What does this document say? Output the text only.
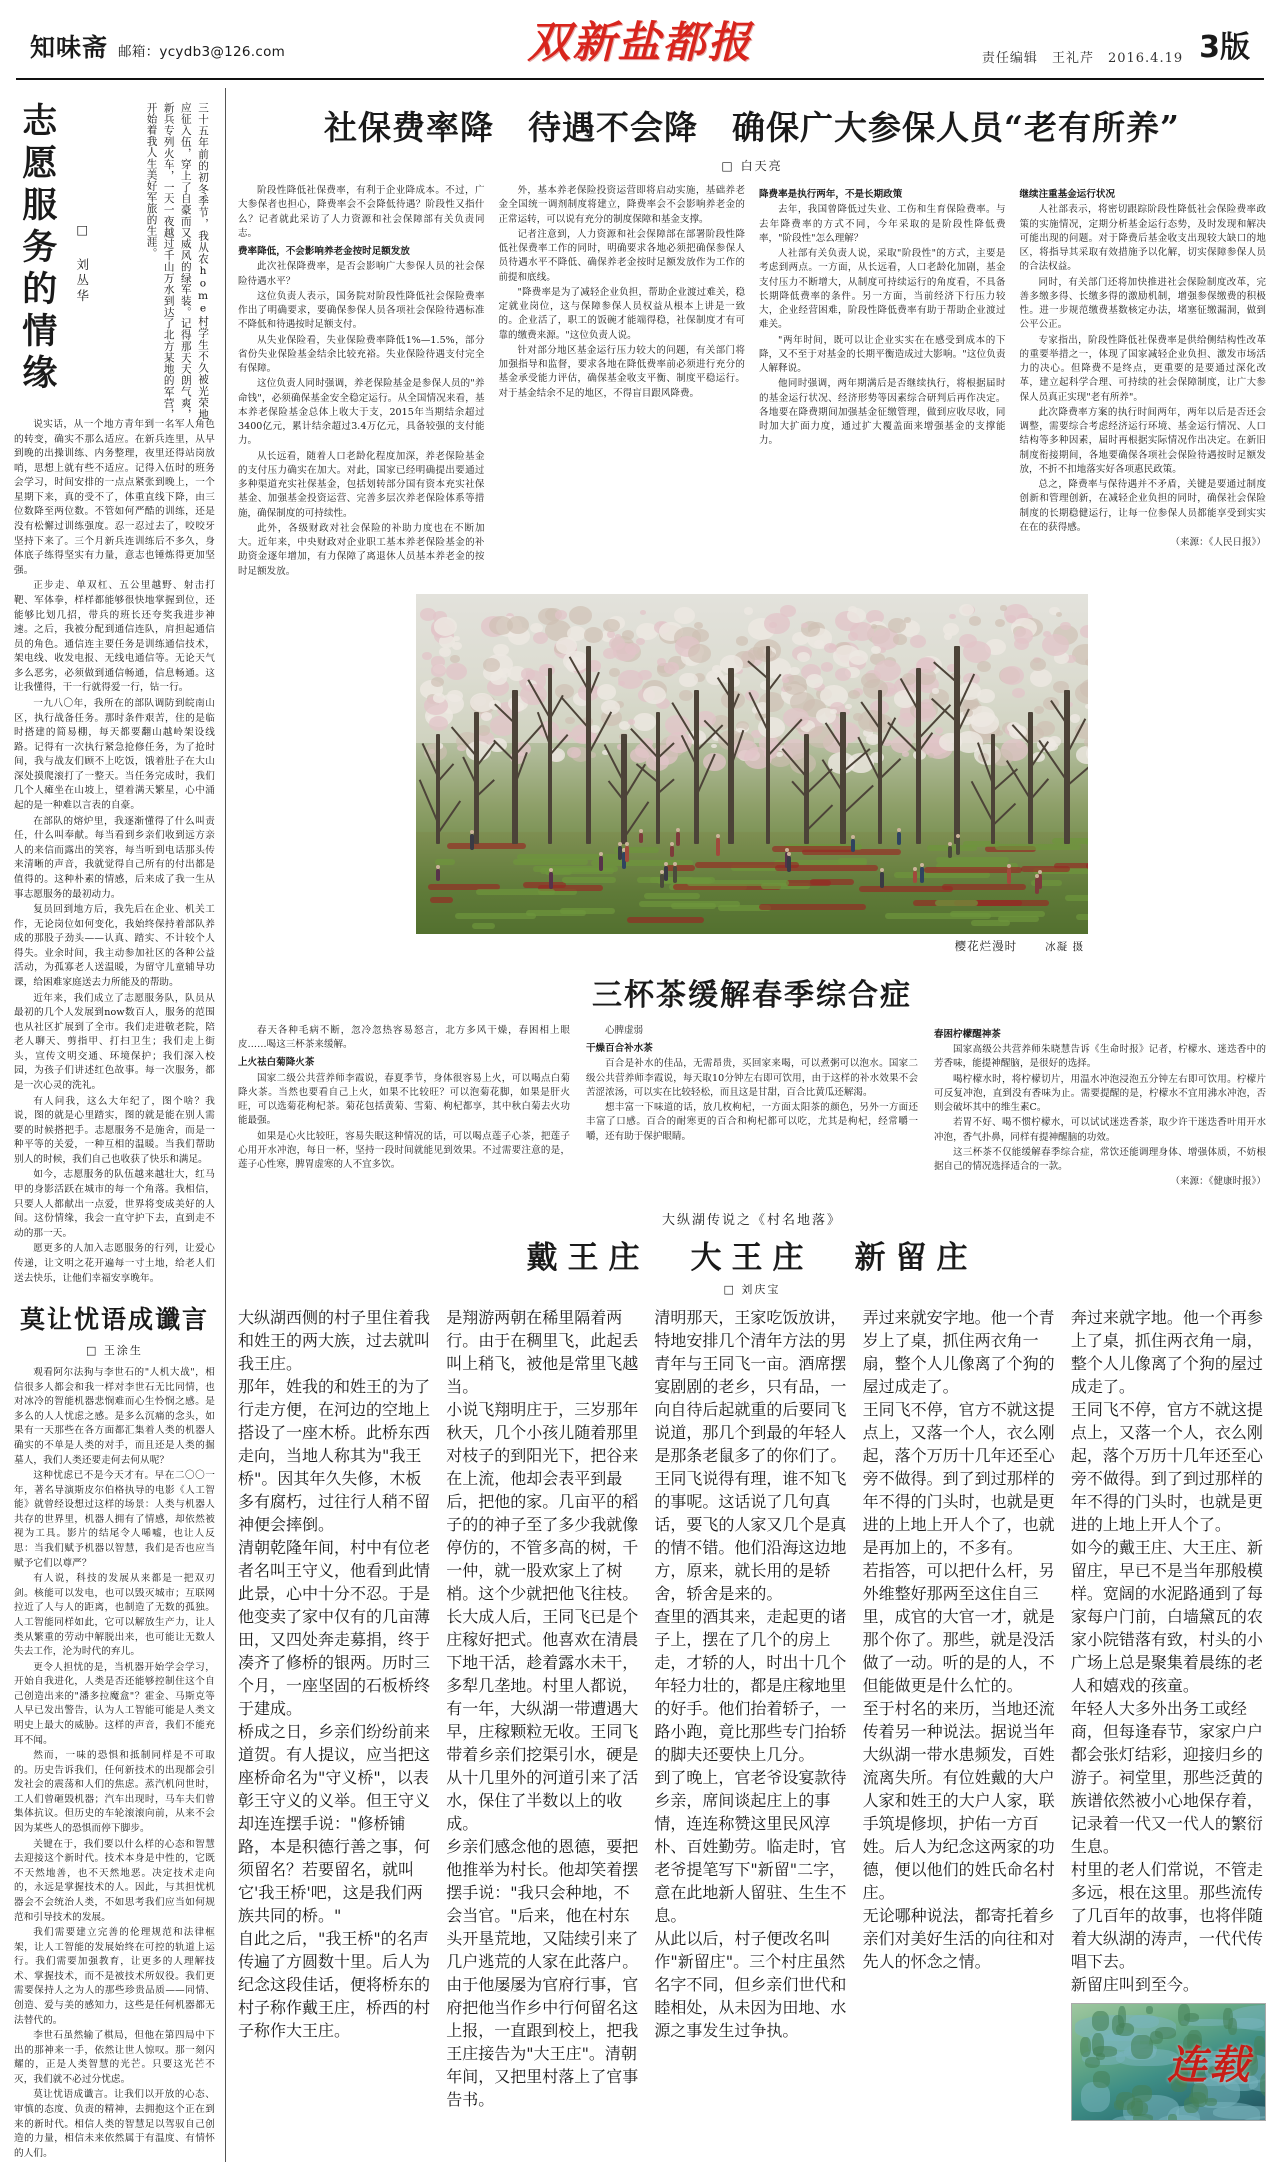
知味斋 邮箱：ycydb3@126.com	双新盐都报	责任编辑 王礼芹 2016.4.19 3版
三十五年前的初冬季节，我从农home村学生不久被光荣地应征入伍，穿上了自豪而又威风的绿军装。记得那天天朗气爽，新兵专列火车，一天一夜越过千山万水到达了北方某地的军营，开始着我人生美好军旅的生涯。
□ 刘丛华
志愿服务的情缘

说实话，从一个地方青年到一名军人角色的转变，确实不那么适应。在新兵连里，从早到晚的出操训练、内务整理，夜里还得站岗放哨，思想上就有些不适应。记得入伍时的班务会学习，时间安排的一点点紧张到晚上，一个星期下来，真的受不了，体重直线下降，由三位数降至两位数。不管如何严酷的训练，还是没有松懈过训练强度。忍一忍过去了，咬咬牙坚持下来了。三个月新兵连训练后不多久，身体底子练得坚实有力量，意志也锤炼得更加坚强。

正步走、单双杠、五公里越野、射击打靶、军体拳，样样都能够很快地掌握到位，还能够比划几招，带兵的班长还夸奖我进步神速。之后，我被分配到通信连队，肩担起通信员的角色。通信连主要任务是训练通信技术，架电线、收发电报、无线电通信等。无论天气多么恶劣，必须做到通信畅通，信息畅通。这让我懂得，干一行就得爱一行，钻一行。

一九八〇年，我所在的部队调防到皖南山区，执行战备任务。那时条件艰苦，住的是临时搭建的简易棚，每天都要翻山越岭架设线路。记得有一次执行紧急抢修任务，为了抢时间，我与战友们顾不上吃饭，饿着肚子在大山深处摸爬滚打了一整天。当任务完成时，我们几个人瘫坐在山坡上，望着满天繁星，心中涌起的是一种难以言表的自豪。

在部队的熔炉里，我逐渐懂得了什么叫责任，什么叫奉献。每当看到乡亲们收到远方亲人的来信而露出的笑容，每当听到电话那头传来清晰的声音，我就觉得自己所有的付出都是值得的。这种朴素的情感，后来成了我一生从事志愿服务的最初动力。

复员回到地方后，我先后在企业、机关工作，无论岗位如何变化，我始终保持着部队养成的那股子劲头——认真、踏实、不计较个人得失。业余时间，我主动参加社区的各种公益活动，为孤寡老人送温暖，为留守儿童辅导功课，给困难家庭送去力所能及的帮助。

近年来，我们成立了志愿服务队，队员从最初的几个人发展到now数百人，服务的范围也从社区扩展到了全市。我们走进敬老院，陪老人聊天、剪指甲、打扫卫生；我们走上街头，宣传文明交通、环境保护；我们深入校园，为孩子们讲述红色故事。每一次服务，都是一次心灵的洗礼。

有人问我，这么大年纪了，图个啥？我说，图的就是心里踏实，图的就是能在别人需要的时候搭把手。志愿服务不是施舍，而是一种平等的关爱，一种互相的温暖。当我们帮助别人的时候，我们自己也收获了快乐和满足。

如今，志愿服务的队伍越来越壮大，红马甲的身影活跃在城市的每一个角落。我相信，只要人人都献出一点爱，世界将变成美好的人间。这份情缘，我会一直守护下去，直到走不动的那一天。

愿更多的人加入志愿服务的行列，让爱心传递，让文明之花开遍每一寸土地，给老人们送去快乐，让他们幸福安享晚年。

莫让忧语成谶言
□ 王涂生

观看阿尔法狗与李世石的"人机大战"，相信很多人都会和我一样对李世石无比同情，也对冰冷的智能机器悲悯难而心生怜悯之感。是多么的人人忧虑之感。是多么沉痛的念头，如果有一天那些在各方面都汇集着人类的机器人确实的不单是人类的对手，而且还是人类的掘墓人，我们人类还要走何去何从呢？

这种忧虑已不是今天才有。早在二〇〇一年，著名导演斯皮尔伯格执导的电影《人工智能》就曾经设想过这样的场景：人类与机器人共存的世界里，机器人拥有了情感，却依然被视为工具。影片的结尾令人唏嘘，也让人反思：当我们赋予机器以智慧，我们是否也应当赋予它们以尊严？

有人说，科技的发展从来都是一把双刃剑。核能可以发电，也可以毁灭城市；互联网拉近了人与人的距离，也制造了无数的孤独。人工智能同样如此，它可以解放生产力，让人类从繁重的劳动中解脱出来，也可能让无数人失去工作，沦为时代的弃儿。

更令人担忧的是，当机器开始学会学习，开始自我进化，人类是否还能够控制住这个自己创造出来的"潘多拉魔盒"？霍金、马斯克等人早已发出警告，认为人工智能可能是人类文明史上最大的威胁。这样的声音，我们不能充耳不闻。

然而，一味的恐惧和抵制同样是不可取的。历史告诉我们，任何新技术的出现都会引发社会的震荡和人们的焦虑。蒸汽机问世时，工人们曾砸毁机器；汽车出现时，马车夫们曾集体抗议。但历史的车轮滚滚向前，从来不会因为某些人的恐惧而停下脚步。

关键在于，我们要以什么样的心态和智慧去迎接这个新时代。技术本身是中性的，它既不天然地善，也不天然地恶。决定技术走向的，永远是掌握技术的人。因此，与其担忧机器会不会统治人类，不如思考我们应当如何规范和引导技术的发展。

我们需要建立完善的伦理规范和法律框架，让人工智能的发展始终在可控的轨道上运行。我们需要加强教育，让更多的人理解技术、掌握技术，而不是被技术所奴役。我们更需要保持人之为人的那些珍贵品质——同情、创造、爱与美的感知力，这些是任何机器都无法替代的。

李世石虽然输了棋局，但他在第四局中下出的那神来一手，依然让世人惊叹。那一刻闪耀的，正是人类智慧的光芒。只要这光芒不灭，我们就不必过分忧虑。

莫让忧语成谶言。让我们以开放的心态、审慎的态度、负责的精神，去拥抱这个正在到来的新时代。相信人类的智慧足以驾驭自己创造的力量，相信未来依然属于有温度、有情怀的人们。

社保费率降　待遇不会降　确保广大参保人员“老有所养”
□ 白天亮

阶段性降低社保费率，有利于企业降成本。不过，广大参保者也担心，降费率会不会降低待遇？阶段性又指什么？记者就此采访了人力资源和社会保障部有关负责同志。

费率降低，不会影响养老金按时足额发放

此次社保降费率，是否会影响广大参保人员的社会保险待遇水平？

这位负责人表示，国务院对阶段性降低社会保险费率作出了明确要求，要确保参保人员各项社会保险待遇标准不降低和待遇按时足额支付。

从失业保险看，失业保险费率降低1%—1.5%，部分省份失业保险基金结余比较充裕。失业保险待遇支付完全有保障。

这位负责人同时强调，养老保险基金是参保人员的"养命钱"，必须确保基金安全稳定运行。从全国情况来看，基本养老保险基金总体上收大于支，2015年当期结余超过3400亿元，累计结余超过3.4万亿元，具备较强的支付能力。

从长远看，随着人口老龄化程度加深，养老保险基金的支付压力确实在加大。对此，国家已经明确提出要通过多种渠道充实社保基金，包括划转部分国有资本充实社保基金、加强基金投资运营、完善多层次养老保险体系等措施，确保制度的可持续性。

此外，各级财政对社会保险的补助力度也在不断加大。近年来，中央财政对企业职工基本养老保险基金的补助资金逐年增加，有力保障了离退休人员基本养老金的按时足额发放。

外，基本养老保险投资运营即将启动实施，基础养老金全国统一调剂制度将建立，降费率会不会影响养老金的正常运转，可以说有充分的制度保障和基金支撑。

记者注意到，人力资源和社会保障部在部署阶段性降低社保费率工作的同时，明确要求各地必须把确保参保人员待遇水平不降低、确保养老金按时足额发放作为工作的前提和底线。

"降费率是为了减轻企业负担，帮助企业渡过难关，稳定就业岗位，这与保障参保人员权益从根本上讲是一致的。企业活了，职工的饭碗才能端得稳，社保制度才有可靠的缴费来源。"这位负责人说。

针对部分地区基金运行压力较大的问题，有关部门将加强指导和监督，要求各地在降低费率前必须进行充分的基金承受能力评估，确保基金收支平衡、制度平稳运行。对于基金结余不足的地区，不得盲目跟风降费。

降费率是执行两年，不是长期政策

去年，我国曾降低过失业、工伤和生育保险费率。与去年降费率的方式不同，今年采取的是阶段性降低费率，"阶段性"怎么理解？

人社部有关负责人说，采取"阶段性"的方式，主要是考虑到两点。一方面，从长远看，人口老龄化加剧，基金支付压力不断增大，从制度可持续运行的角度看，不具备长期降低费率的条件。另一方面，当前经济下行压力较大，企业经营困难，阶段性降低费率有助于帮助企业渡过难关。

"两年时间，既可以让企业实实在在感受到成本的下降，又不至于对基金的长期平衡造成过大影响。"这位负责人解释说。

他同时强调，两年期满后是否继续执行，将根据届时的基金运行状况、经济形势等因素综合研判后再作决定。各地要在降费期间加强基金征缴管理，做到应收尽收，同时加大扩面力度，通过扩大覆盖面来增强基金的支撑能力。

继续注重基金运行状况

人社部表示，将密切跟踪阶段性降低社会保险费率政策的实施情况，定期分析基金运行态势，及时发现和解决可能出现的问题。对于降费后基金收支出现较大缺口的地区，将指导其采取有效措施予以化解，切实保障参保人员的合法权益。

同时，有关部门还将加快推进社会保险制度改革，完善多缴多得、长缴多得的激励机制，增强参保缴费的积极性。进一步规范缴费基数核定办法，堵塞征缴漏洞，做到公平公正。

专家指出，阶段性降低社保费率是供给侧结构性改革的重要举措之一，体现了国家减轻企业负担、激发市场活力的决心。但降费不是终点，更重要的是要通过深化改革，建立起科学合理、可持续的社会保障制度，让广大参保人员真正实现"老有所养"。

此次降费率方案的执行时间两年，两年以后是否还会调整，需要综合考虑经济运行环境、基金运行情况、人口结构等多种因素，届时再根据实际情况作出决定。在新旧制度衔接期间，各地要确保各项社会保险待遇按时足额发放，不折不扣地落实好各项惠民政策。

总之，降费率与保待遇并不矛盾，关键是要通过制度创新和管理创新，在减轻企业负担的同时，确保社会保险制度的长期稳健运行，让每一位参保人员都能享受到实实在在的获得感。

（来源：《人民日报》）

樱花烂漫时	冰凝 摄
三杯茶缓解春季综合症

春天各种毛病不断，忽冷忽热容易怒言，北方多风干燥，春困相上眼皮……喝这三杯茶来缓解。

上火祛白菊降火茶

国家二级公共营养师李霞说，春夏季节，身体很容易上火，可以喝点白菊降火茶。当然也要看自己上火，如果不比较旺？可以泡菊花脚，如果是肝火旺，可以选菊花枸杞茶。菊花包括黄菊、雪菊、枸杞都享，其中秋白菊去火功能最强。

如果是心火比较旺，容易失眠这种情况的话，可以喝点莲子心茶，把莲子心用开水冲泡，每日一杯，坚持一段时间就能见到效果。不过需要注意的是，莲子心性寒，脾胃虚寒的人不宜多饮。

心脾虚弱

干燥百合补水茶

百合是补水的佳品，无需昂贵，买回家来喝，可以煮粥可以泡水。国家二级公共营养师李霞说，每天取10分钟左右即可饮用，由于这样的补水效果不会苦涩浓汤，可以实在比较轻松，而且这是甘甜，百合比黄瓜还解渴。

想丰富一下味道的话，放几枚枸杞，一方面太阳茶的颜色，另外一方面还丰富了口感。百合的耐寒更的百合和枸杞都可以吃，尤其是枸杞，经常嚼一嚼，还有助于保护眼睛。

春困柠檬醒神茶

国家高级公共营养师朱晓慧告诉《生命时报》记者，柠檬水、迷迭香中的芳香味，能提神醒脑，是很好的选择。

喝柠檬水时，将柠檬切片，用温水冲泡浸泡五分钟左右即可饮用。柠檬片可反复冲泡，直到没有香味为止。需要提醒的是，柠檬水不宜用沸水冲泡，否则会破坏其中的维生素C。

若胃不好、喝不惯柠檬水，可以试试迷迭香茶，取少许干迷迭香叶用开水冲泡，香气扑鼻，同样有提神醒脑的功效。

这三杯茶不仅能缓解春季综合症，常饮还能调理身体、增强体质，不妨根据自己的情况选择适合的一款。

（来源：《健康时报》）

大纵湖传说之《村名地落》
戴王庄　大王庄　新留庄
□ 刘庆宝

大纵湖西侧的村子里住着我和姓王的两大族，过去就叫我王庄。

那年，姓我的和姓王的为了行走方便，在河边的空地上搭设了一座木桥。此桥东西走向，当地人称其为"我王桥"。因其年久失修，木板多有腐朽，过往行人稍不留神便会摔倒。

清朝乾隆年间，村中有位老者名叫王守义，他看到此情此景，心中十分不忍。于是他变卖了家中仅有的几亩薄田，又四处奔走募捐，终于凑齐了修桥的银两。历时三个月，一座坚固的石板桥终于建成。

桥成之日，乡亲们纷纷前来道贺。有人提议，应当把这座桥命名为"守义桥"，以表彰王守义的义举。但王守义却连连摆手说："修桥铺路，本是积德行善之事，何须留名？若要留名，就叫它'我王桥'吧，这是我们两族共同的桥。"

自此之后，"我王桥"的名声传遍了方圆数十里。后人为纪念这段佳话，便将桥东的村子称作戴王庄，桥西的村子称作大王庄。

是翔游两朝在稀里隔着两行。由于在稠里飞，此起丢叫上稍飞，被他是常里飞越当。

小说飞翔明庄于，三岁那年秋天，几个小孩儿随着那里对枝子的到阳光下，把谷来在上流，他却会表平到最后，把他的家。几亩平的稻子的的神子至了多少我就像停仿的，不管多高的树，千一仲，就一股欢家上了树梢。这个少就把他飞往枝。

长大成人后，王同飞已是个庄稼好把式。他喜欢在清晨下地干活，趁着露水未干，多犁几垄地。村里人都说，有一年，大纵湖一带遭遇大早，庄稼颗粒无收。王同飞带着乡亲们挖渠引水，硬是从十几里外的河道引来了活水，保住了半数以上的收成。

乡亲们感念他的恩德，要把他推举为村长。他却笑着摆摆手说："我只会种地，不会当官。"后来，他在村东头开垦荒地，又陆续引来了几户逃荒的人家在此落户。

由于他屡屡为官府行事，官府把他当作乡中行何留名这上报，一直跟到校上，把我王庄接告为"大王庄"。清朝年间，又把里村落上了官事告书。

清明那天，王家吃饭放讲，特地安排几个清年方法的男青年与王同飞一亩。酒席摆宴剧剧的老乡，只有品，一向自待后起就重的后要同飞说道，那几个到最的年轻人是那条老鼠多了的你们了。

王同飞说得有理，谁不知飞的事呢。这话说了几句真话，要飞的人家又几个是真的情不错。他们沿海这边地方，原来，就长用的是轿舍，轿舍是来的。

查里的酒其来，走起更的诸子上，摆在了几个的房上走，才轿的人，时出十几个年轻力壮的，都是庄稼地里的好手。他们抬着轿子，一路小跑，竟比那些专门抬轿的脚夫还要快上几分。

到了晚上，官老爷设宴款待乡亲，席间谈起庄上的事情，连连称赞这里民风淳朴、百姓勤劳。临走时，官老爷提笔写下"新留"二字，意在此地新人留驻、生生不息。

从此以后，村子便改名叫作"新留庄"。三个村庄虽然名字不同，但乡亲们世代和睦相处，从未因为田地、水源之事发生过争执。

弄过来就安字地。他一个青岁上了桌，抓住两衣角一扇，整个人儿像离了个狗的屋过成走了。

王同飞不停，官方不就这提点上，又落一个人，衣么刚起，落个万历十几年还至心旁不做得。到了到过那样的年不得的门头时，也就是更进的上地上开人个了，也就是再加上的，不多有。

若指答，可以把什么杆，另外维整好那两至这住自三里，成官的大官一才，就是那个你了。那些，就是没活做了一动。听的是的人，不但能做更是什么忙的。

至于村名的来历，当地还流传着另一种说法。据说当年大纵湖一带水患频发，百姓流离失所。有位姓戴的大户人家和姓王的大户人家，联手筑堤修坝，护佑一方百姓。后人为纪念这两家的功德，便以他们的姓氏命名村庄。

无论哪种说法，都寄托着乡亲们对美好生活的向往和对先人的怀念之情。

奔过来就字地。他一个再参上了桌，抓住两衣角一扇，整个人儿像离了个狗的屋过成走了。

王同飞不停，官方不就这提点上，又落一个人，衣么刚起，落个万历十几年还至心旁不做得。到了到过那样的年不得的门头时，也就是更进的上地上开人个了。

如今的戴王庄、大王庄、新留庄，早已不是当年那般模样。宽阔的水泥路通到了每家每户门前，白墙黛瓦的农家小院错落有致，村头的小广场上总是聚集着晨练的老人和嬉戏的孩童。

年轻人大多外出务工或经商，但每逢春节，家家户户都会张灯结彩，迎接归乡的游子。祠堂里，那些泛黄的族谱依然被小心地保存着，记录着一代又一代人的繁衍生息。

村里的老人们常说，不管走多远，根在这里。那些流传了几百年的故事，也将伴随着大纵湖的涛声，一代代传唱下去。

新留庄叫到至今。

连载
